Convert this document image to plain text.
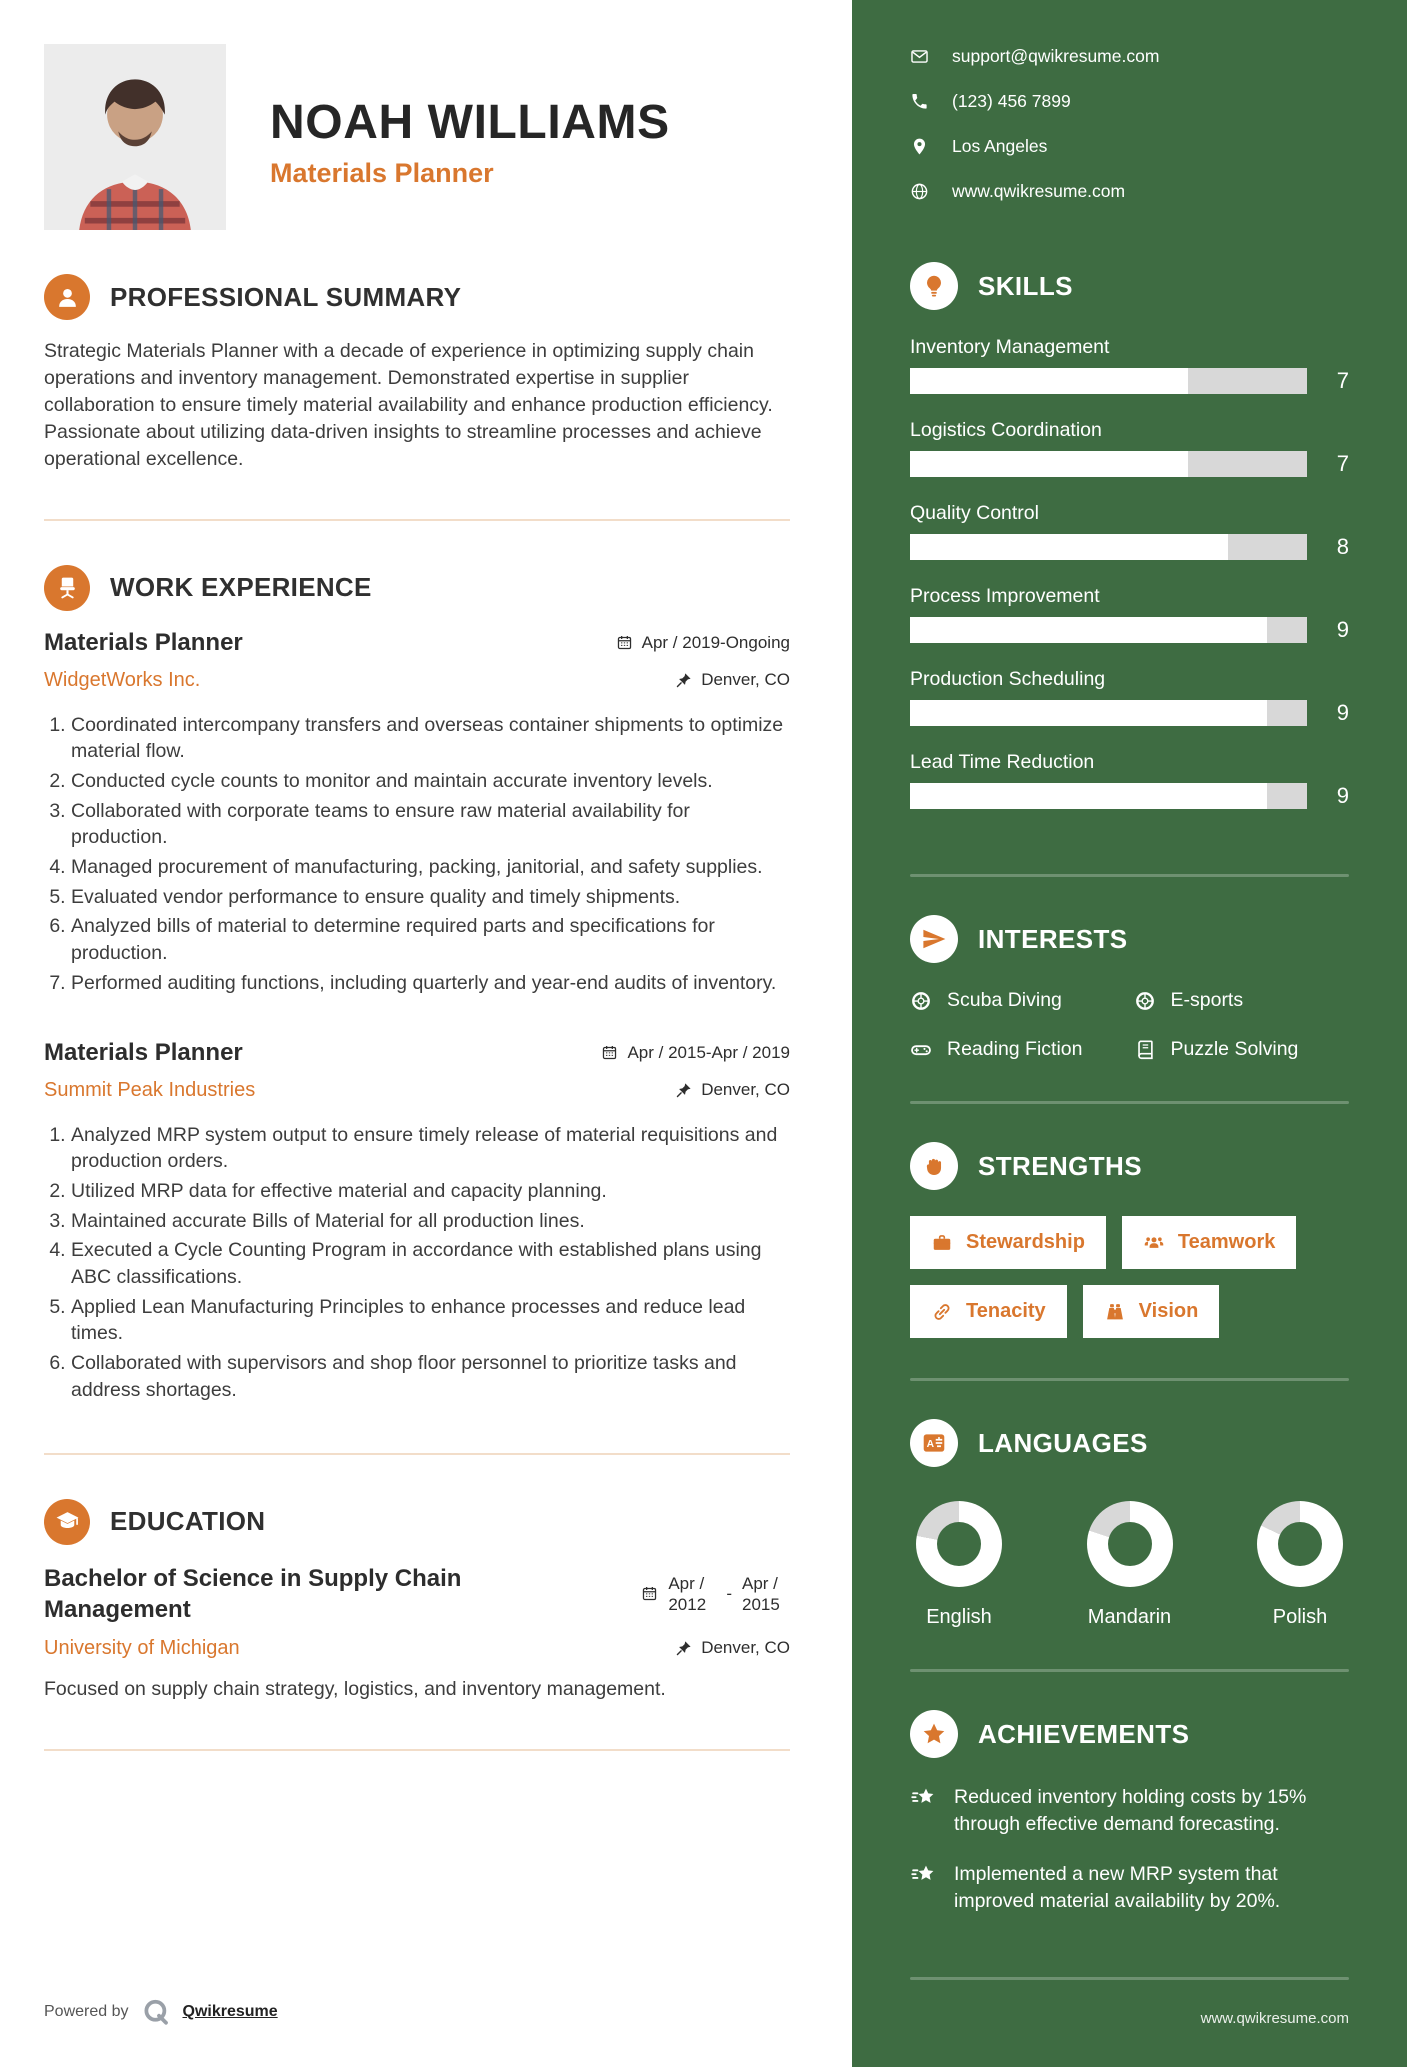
NOAH WILLIAMS
Materials Planner
PROFESSIONAL SUMMARY
Strategic Materials Planner with a decade of experience in optimizing supply chain operations and inventory management. Demonstrated expertise in supplier collaboration to ensure timely material availability and enhance production efficiency. Passionate about utilizing data-driven insights to streamline processes and achieve operational excellence.
WORK EXPERIENCE
Materials Planner	Apr / 2019-Ongoing
WidgetWorks Inc.	Denver, CO
1. Coordinated intercompany transfers and overseas container shipments to optimize material flow.
2. Conducted cycle counts to monitor and maintain accurate inventory levels.
3. Collaborated with corporate teams to ensure raw material availability for production.
4. Managed procurement of manufacturing, packing, janitorial, and safety supplies.
5. Evaluated vendor performance to ensure quality and timely shipments.
6. Analyzed bills of material to determine required parts and specifications for production.
7. Performed auditing functions, including quarterly and year-end audits of inventory.
Materials Planner	Apr / 2015-Apr / 2019
Summit Peak Industries	Denver, CO
1. Analyzed MRP system output to ensure timely release of material requisitions and production orders.
2. Utilized MRP data for effective material and capacity planning.
3. Maintained accurate Bills of Material for all production lines.
4. Executed a Cycle Counting Program in accordance with established plans using ABC classifications.
5. Applied Lean Manufacturing Principles to enhance processes and reduce lead times.
6. Collaborated with supervisors and shop floor personnel to prioritize tasks and address shortages.
EDUCATION
Bachelor of Science in Supply Chain Management
Apr / 2012
-
Apr / 2015
University of Michigan	Denver, CO
Focused on supply chain strategy, logistics, and inventory management.
Powered by	Qwikresume
support@qwikresume.com
(123) 456 7899
Los Angeles
www.qwikresume.com
SKILLS
Inventory Management
7
Logistics Coordination
7
Quality Control
8
Process Improvement
9
Production Scheduling
9
Lead Time Reduction
9
INTERESTS
Scuba Diving	E-sports
Reading Fiction	Puzzle Solving
STRENGTHS
Stewardship	Teamwork
Tenacity	Vision
LANGUAGES
English	Mandarin	Polish
ACHIEVEMENTS
Reduced inventory holding costs by 15% through effective demand forecasting.
Implemented a new MRP system that improved material availability by 20%.
www.qwikresume.com
